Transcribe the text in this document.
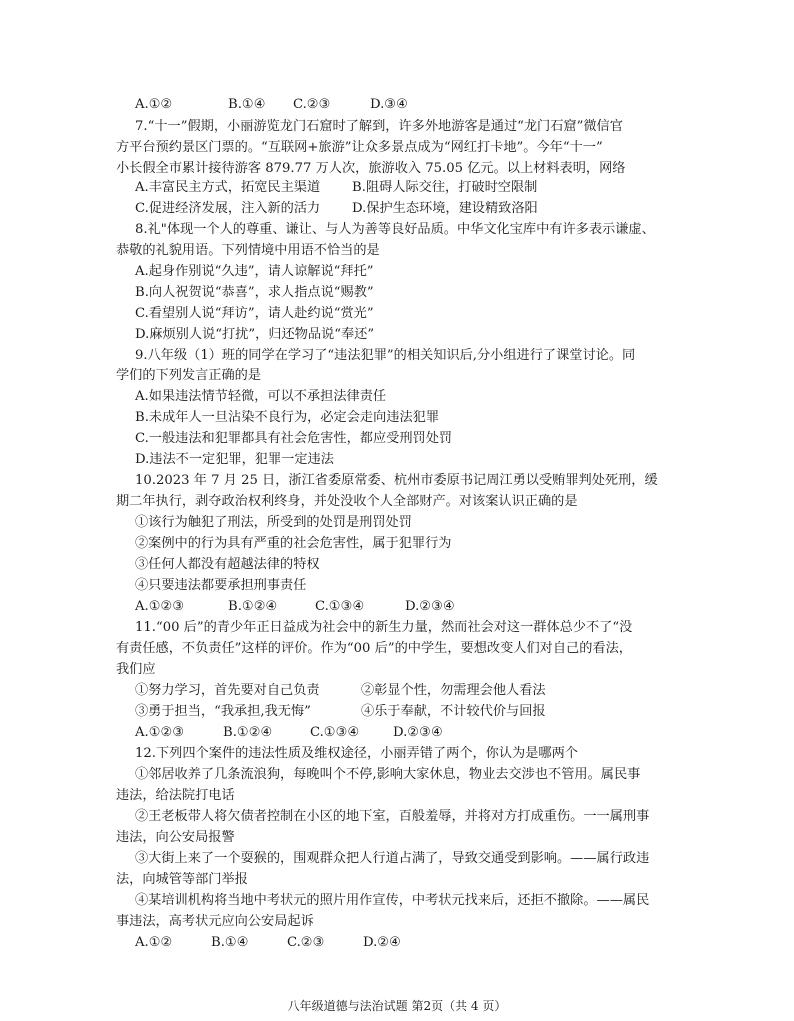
A.①②	B.①④ C.②③	D.③④
7.“十一”假期，小丽游览龙门石窟时了解到，许多外地游客是通过“龙门石窟”微信官
方平台预约景区门票的。“互联网+旅游”让众多景点成为“网红打卡地”。今年“十一”
小长假全市累计接待游客 879.77 万人次，旅游收入 75.05 亿元。以上材料表明，网络
A.丰富民主方式，拓宽民主渠道 B.阻碍人际交往，打破时空限制
C.促进经济发展，注入新的活力 D.保护生态环境，建设精致洛阳
8.礼"体现一个人的尊重、谦让、与人为善等良好品质。中华文化宝库中有许多表示谦虚、
恭敬的礼貌用语。下列情境中用语不恰当的是
A.起身作别说“久违”，请人谅解说“拜托”
B.向人祝贺说“恭喜”，求人指点说“赐教”
C.看望别人说“拜访”，请人赴约说“赏光”
D.麻烦别人说“打扰”，归还物品说“奉还”
9.八年级（1）班的同学在学习了“违法犯罪”的相关知识后,分小组进行了课堂讨论。同
学们的下列发言正确的是
A.如果违法情节轻微，可以不承担法律责任
B.未成年人一旦沾染不良行为，必定会走向违法犯罪
C.一般违法和犯罪都具有社会危害性，都应受刑罚处罚
D.违法不一定犯罪，犯罪一定违法
10.2023 年 7 月 25 日，浙江省委原常委、杭州市委原书记周江勇以受贿罪判处死刑，缓
期二年执行，剥夺政治权利终身，并处没收个人全部财产。对该案认识正确的是
①该行为触犯了刑法，所受到的处罚是刑罚处罚
②案例中的行为具有严重的社会危害性，属于犯罪行为
③任何人都没有超越法律的特权
④只要违法都要承担刑事责任
A.①②③	B.①②④	C.①③④	D.②③④
11.“00 后”的青少年正日益成为社会中的新生力量，然而社会对这一群体总少不了“没
有责任感，不负责任”这样的评价。作为“00 后”的中学生，要想改变人们对自己的看法，
我们应
①努力学习，首先要对自己负责	②彰显个性，勿需理会他人看法
③勇于担当，“我承担,我无悔”	④乐于奉献，不计较代价与回报
A.①②③	B.①②④	C.①③④	D.②③④
12.下列四个案件的违法性质及维权途径，小丽弄错了两个，你认为是哪两个
①邻居收养了几条流浪狗，每晚叫个不停,影响大家休息，物业去交涉也不管用。属民事
违法，给法院打电话
②王老板带人将欠债者控制在小区的地下室，百般羞辱，并将对方打成重伤。一一属刑事
违法，向公安局报警
③大街上来了一个耍猴的，围观群众把人行道占满了，导致交通受到影响。——属行政违
法，向城管等部门举报
④某培训机构将当地中考状元的照片用作宣传，中考状元找来后，还拒不撤除。——属民
事违法，高考状元应向公安局起诉
A.①②	B.①④	C.②③	D.②④
八年级道德与法治试题 第2页（共 4 页）
